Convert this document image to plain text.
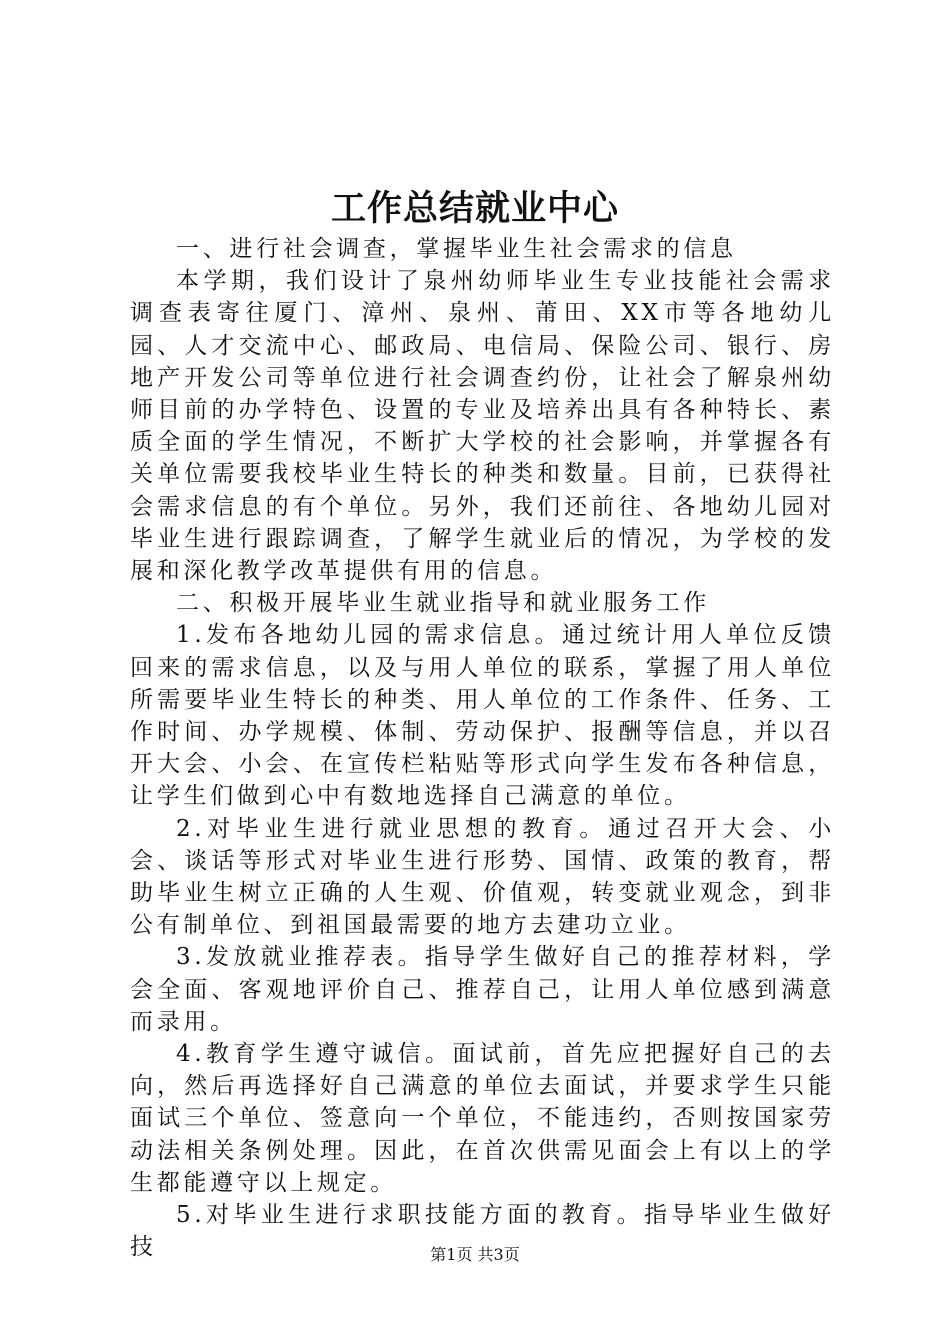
工作总结就业中心

一、进行社会调查，掌握毕业生社会需求的信息

本学期，我们设计了泉州幼师毕业生专业技能社会需求调查表寄往厦门、漳州、泉州、莆田、XX市等各地幼儿园、人才交流中心、邮政局、电信局、保险公司、银行、房地产开发公司等单位进行社会调查约份，让社会了解泉州幼师目前的办学特色、设置的专业及培养出具有各种特长、素质全面的学生情况，不断扩大学校的社会影响，并掌握各有关单位需要我校毕业生特长的种类和数量。目前，已获得社会需求信息的有个单位。另外，我们还前往、各地幼儿园对毕业生进行跟踪调查，了解学生就业后的情况，为学校的发展和深化教学改革提供有用的信息。

二、积极开展毕业生就业指导和就业服务工作

1.发布各地幼儿园的需求信息。通过统计用人单位反馈回来的需求信息，以及与用人单位的联系，掌握了用人单位所需要毕业生特长的种类、用人单位的工作条件、任务、工作时间、办学规模、体制、劳动保护、报酬等信息，并以召开大会、小会、在宣传栏粘贴等形式向学生发布各种信息，让学生们做到心中有数地选择自己满意的单位。

2.对毕业生进行就业思想的教育。通过召开大会、小会、谈话等形式对毕业生进行形势、国情、政策的教育，帮助毕业生树立正确的人生观、价值观，转变就业观念，到非公有制单位、到祖国最需要的地方去建功立业。

3.发放就业推荐表。指导学生做好自己的推荐材料，学会全面、客观地评价自己、推荐自己，让用人单位感到满意而录用。

4.教育学生遵守诚信。面试前，首先应把握好自己的去向，然后再选择好自己满意的单位去面试，并要求学生只能面试三个单位、签意向一个单位，不能违约，否则按国家劳动法相关条例处理。因此，在首次供需见面会上有以上的学生都能遵守以上规定。

5.对毕业生进行求职技能方面的教育。指导毕业生做好技	第1页 共3页
